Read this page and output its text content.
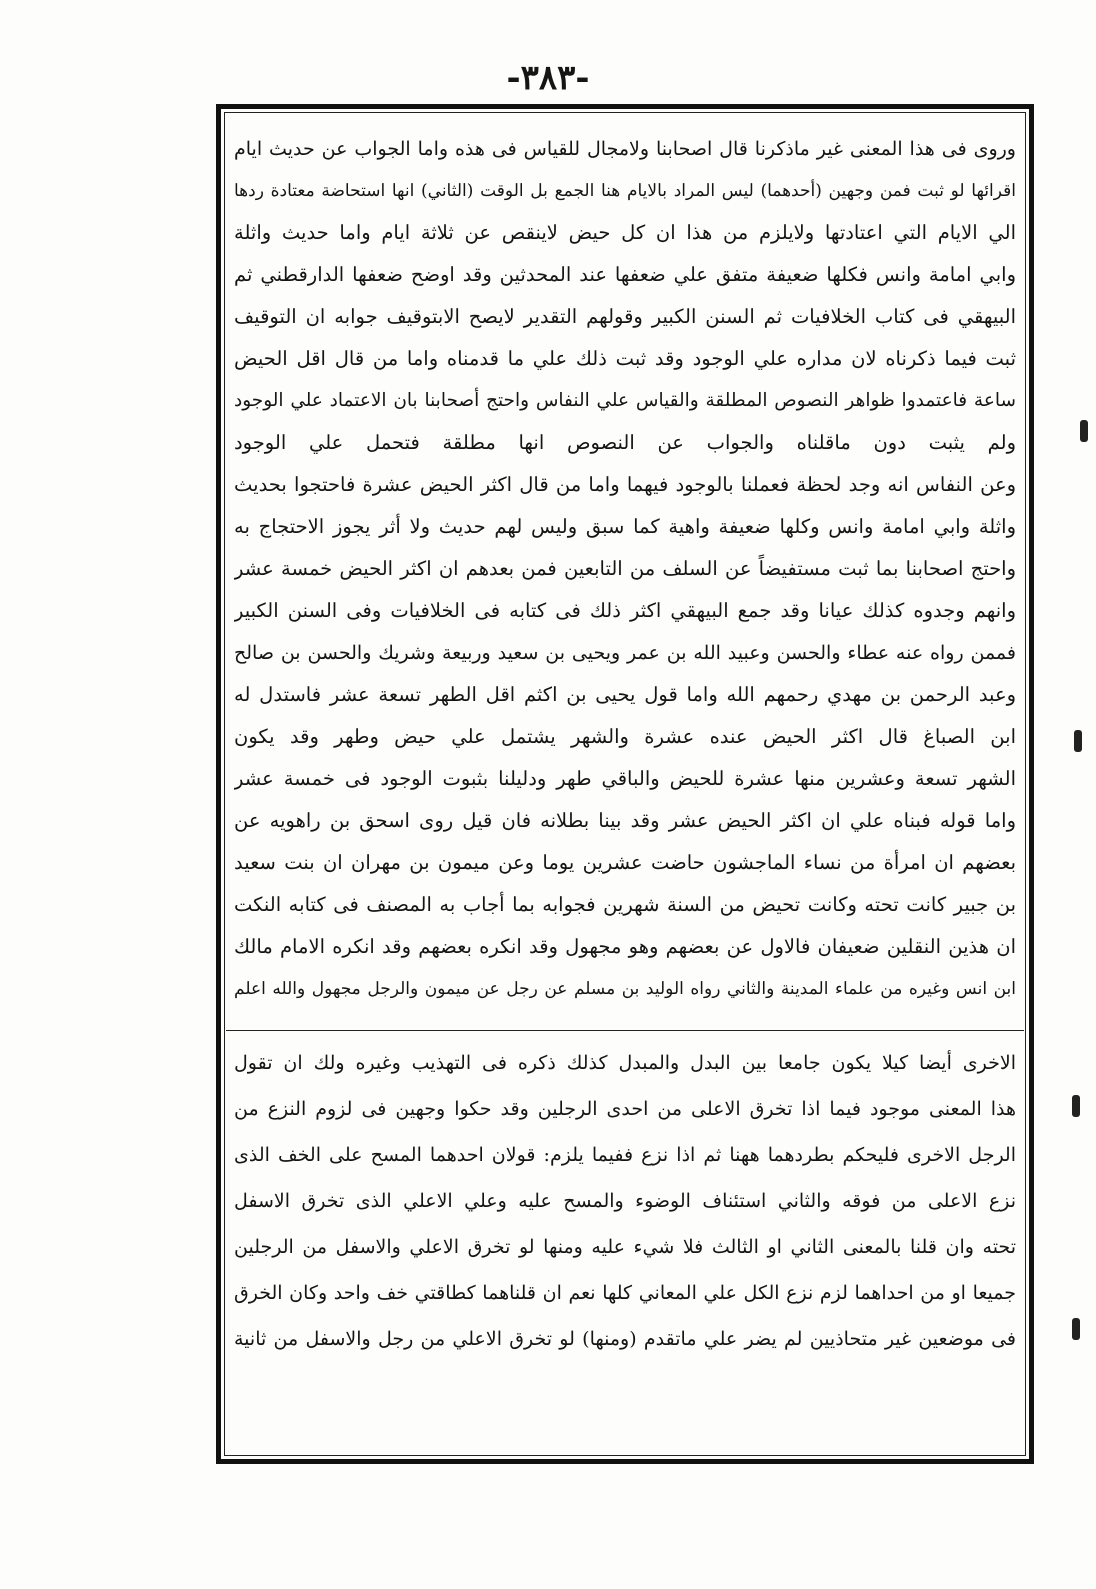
-٣٨٣-
وروى فى هذا المعنى غير ماذكرنا قال اصحابنا ولامجال للقياس فى هذه واما الجواب عن حديث ايام
اقرائها لو ثبت فمن وجهين (أحدهما) ليس المراد بالايام هنا الجمع بل الوقت (الثاني) انها استحاضة معتادة ردها
الي الايام التي اعتادتها ولايلزم من هذا ان كل حيض لاينقص عن ثلاثة ايام واما حديث واثلة
وابي امامة وانس فكلها ضعيفة متفق علي ضعفها عند المحدثين وقد اوضح ضعفها الدارقطني ثم
البيهقي فى كتاب الخلافيات ثم السنن الكبير وقولهم التقدير لايصح الابتوقيف جوابه ان التوقيف
ثبت فيما ذكرناه لان مداره علي الوجود وقد ثبت ذلك علي ما قدمناه واما من قال اقل الحيض
ساعة فاعتمدوا ظواهر النصوص المطلقة والقياس علي النفاس واحتج أصحابنا بان الاعتماد علي الوجود
ولم يثبت دون ماقلناه والجواب عن النصوص انها مطلقة فتحمل علي الوجود
وعن النفاس انه وجد لحظة فعملنا بالوجود فيهما واما من قال اكثر الحيض عشرة فاحتجوا بحديث
واثلة وابي امامة وانس وكلها ضعيفة واهية كما سبق وليس لهم حديث ولا أثر يجوز الاحتجاج به
واحتج اصحابنا بما ثبت مستفيضاً عن السلف من التابعين فمن بعدهم ان اكثر الحيض خمسة عشر
وانهم وجدوه كذلك عيانا وقد جمع البيهقي اكثر ذلك فى كتابه فى الخلافيات وفى السنن الكبير
فممن رواه عنه عطاء والحسن وعبيد الله بن عمر ويحيى بن سعيد وربيعة وشريك والحسن بن صالح
وعبد الرحمن بن مهدي رحمهم الله واما قول يحيى بن اكثم اقل الطهر تسعة عشر فاستدل له
ابن الصباغ قال اكثر الحيض عنده عشرة والشهر يشتمل علي حيض وطهر وقد يكون
الشهر تسعة وعشرين منها عشرة للحيض والباقي طهر ودليلنا بثبوت الوجود فى خمسة عشر
واما قوله فبناه علي ان اكثر الحيض عشر وقد بينا بطلانه فان قيل روى اسحق بن راهويه عن
بعضهم ان امرأة من نساء الماجشون حاضت عشرين يوما وعن ميمون بن مهران ان بنت سعيد
بن جبير كانت تحته وكانت تحيض من السنة شهرين فجوابه بما أجاب به المصنف فى كتابه النكت
ان هذين النقلين ضعيفان فالاول عن بعضهم وهو مجهول وقد انكره بعضهم وقد انكره الامام مالك
ابن انس وغيره من علماء المدينة والثاني رواه الوليد بن مسلم عن رجل عن ميمون والرجل مجهول والله اعلم
الاخرى أيضا كيلا يكون جامعا بين البدل والمبدل كذلك ذكره فى التهذيب وغيره ولك ان تقول
هذا المعنى موجود فيما اذا تخرق الاعلى من احدى الرجلين وقد حكوا وجهين فى لزوم النزع من
الرجل الاخرى فليحكم بطردهما ههنا ثم اذا نزع ففيما يلزم: قولان احدهما المسح على الخف الذى
نزع الاعلى من فوقه والثاني استئناف الوضوء والمسح عليه وعلي الاعلي الذى تخرق الاسفل
تحته وان قلنا بالمعنى الثاني او الثالث فلا شيء عليه ومنها لو تخرق الاعلي والاسفل من الرجلين
جميعا او من احداهما لزم نزع الكل علي المعاني كلها نعم ان قلناهما كطاقتي خف واحد وكان الخرق
فى موضعين غير متحاذيين لم يضر علي ماتقدم (ومنها) لو تخرق الاعلي من رجل والاسفل من ثانية
